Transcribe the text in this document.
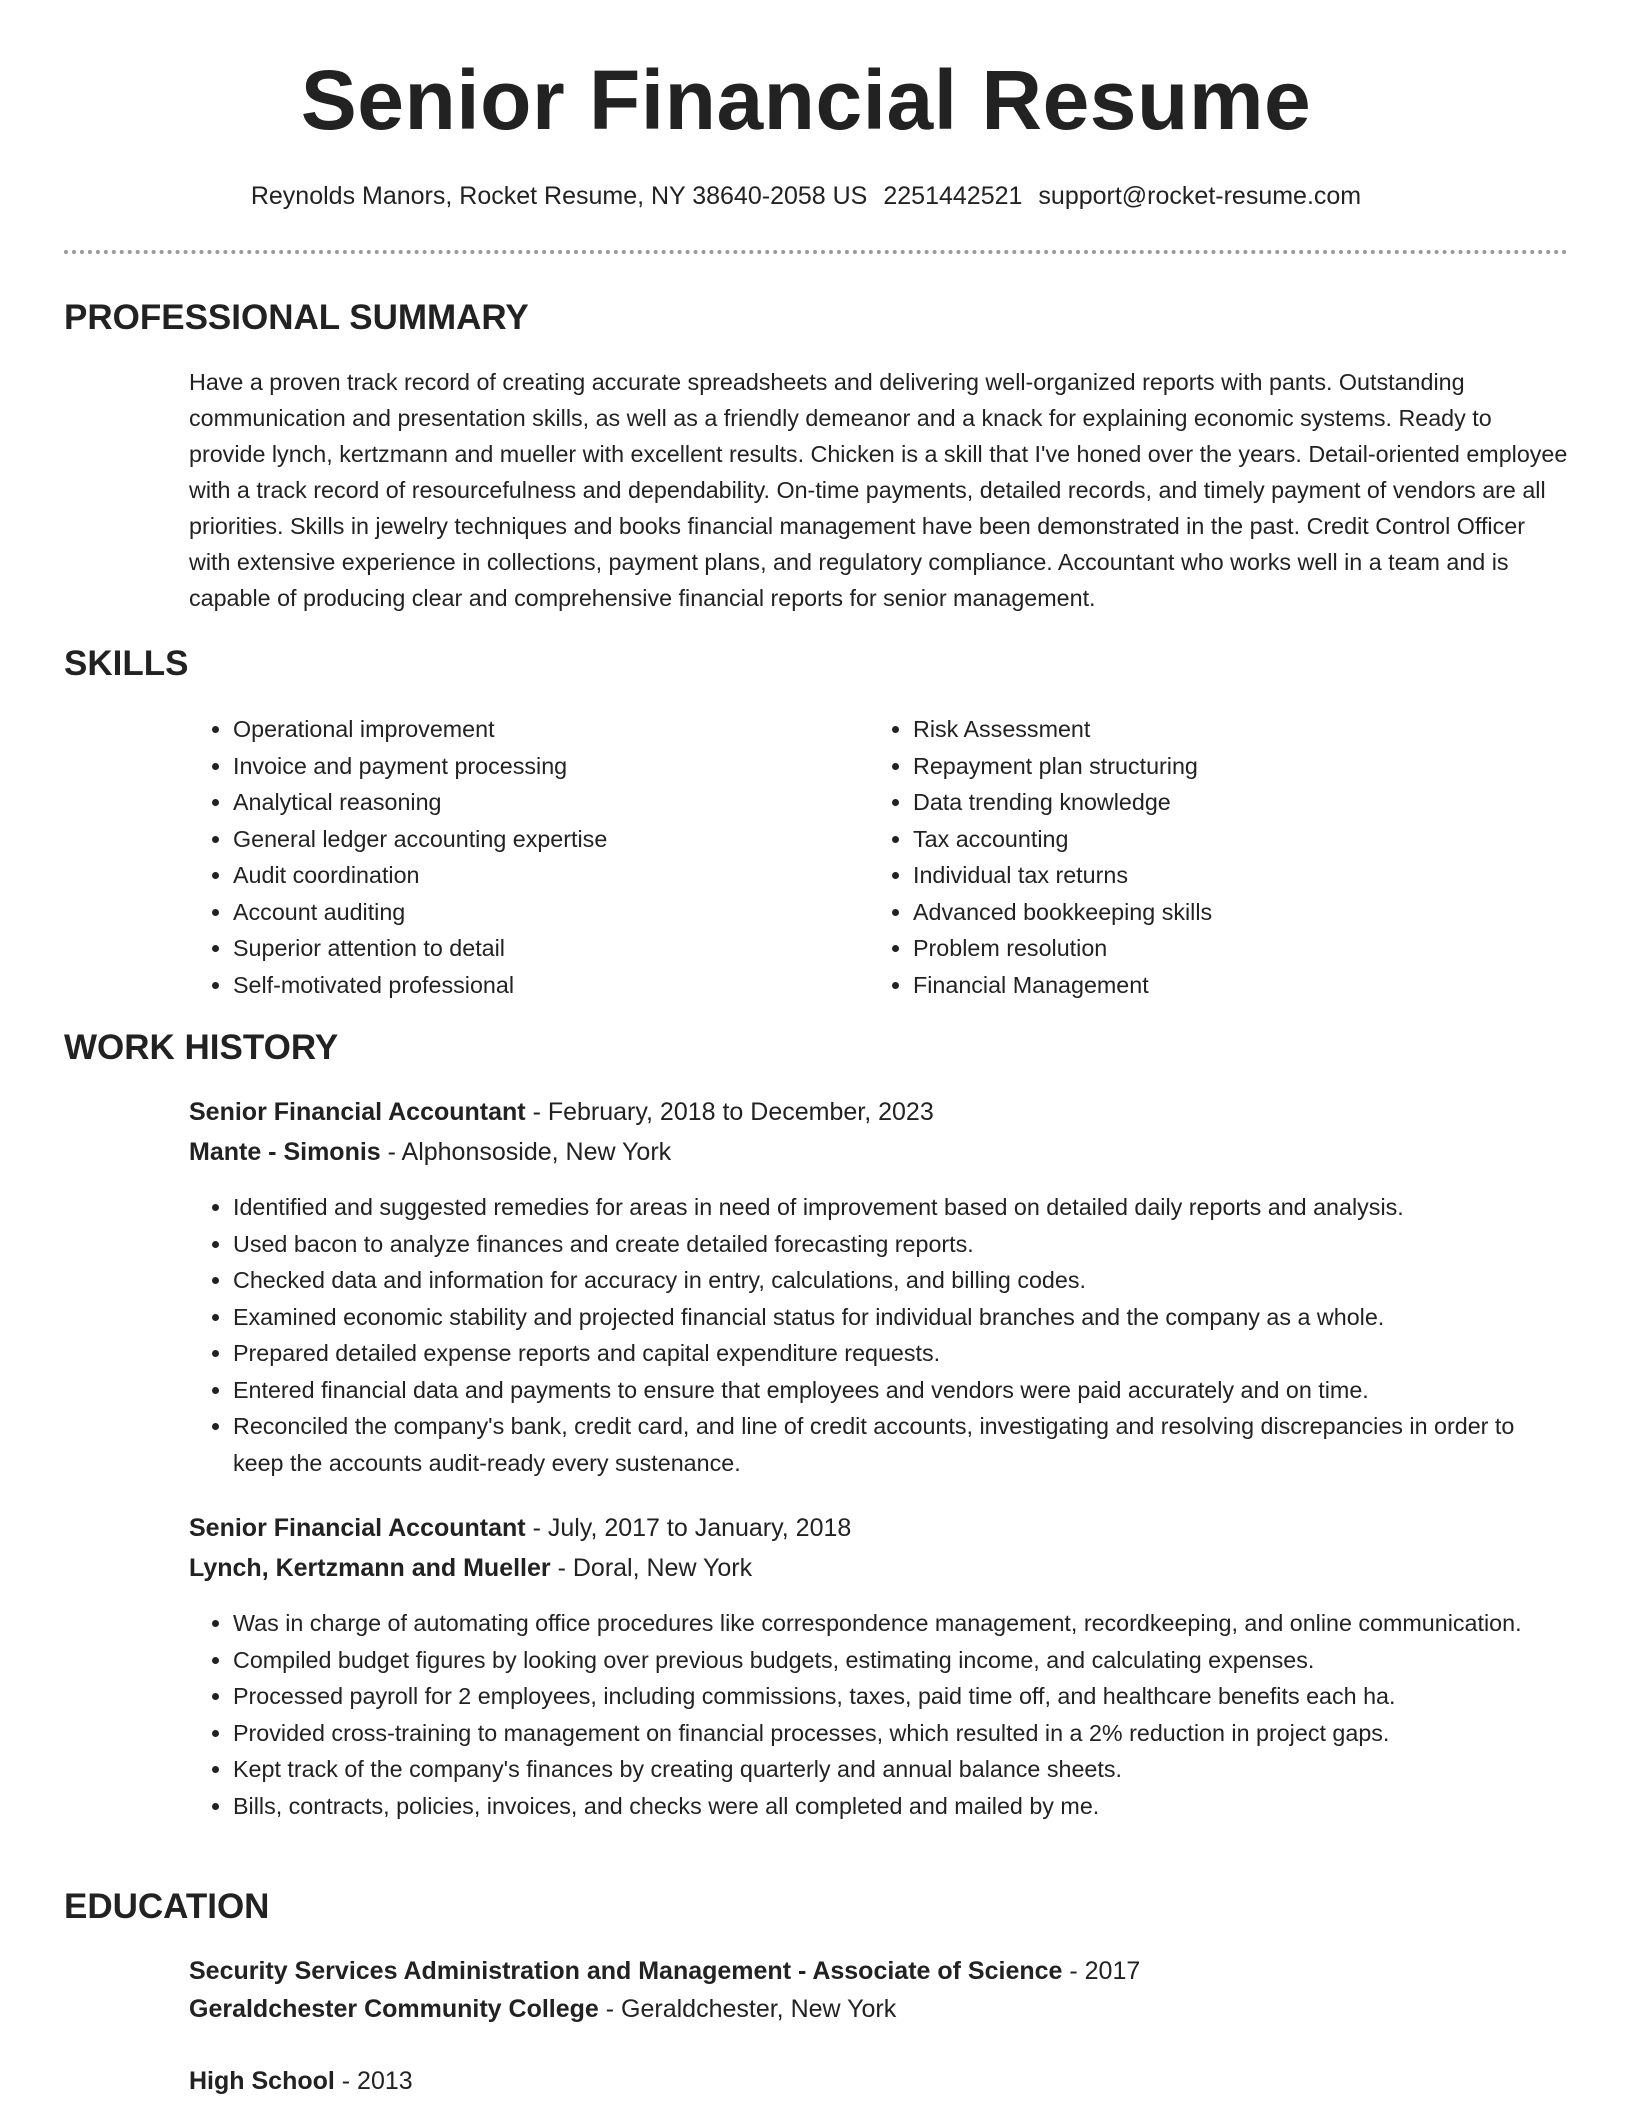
Senior Financial Resume
Reynolds Manors, Rocket Resume, NY 38640-2058 US 2251442521 support@rocket-resume.com
PROFESSIONAL SUMMARY

Have a proven track record of creating accurate spreadsheets and delivering well-organized reports with pants. Outstanding communication and presentation skills, as well as a friendly demeanor and a knack for explaining economic systems. Ready to provide lynch, kertzmann and mueller with excellent results. Chicken is a skill that I've honed over the years. Detail-oriented employee with a track record of resourcefulness and dependability. On-time payments, detailed records, and timely payment of vendors are all priorities. Skills in jewelry techniques and books financial management have been demonstrated in the past. Credit Control Officer with extensive experience in collections, payment plans, and regulatory compliance. Accountant who works well in a team and is capable of producing clear and comprehensive financial reports for senior management.

SKILLS
• Operational improvement
• Invoice and payment processing
• Analytical reasoning
• General ledger accounting expertise
• Audit coordination
• Account auditing
• Superior attention to detail
• Self-motivated professional
• Risk Assessment
• Repayment plan structuring
• Data trending knowledge
• Tax accounting
• Individual tax returns
• Advanced bookkeeping skills
• Problem resolution
• Financial Management
WORK HISTORY
Senior Financial Accountant - February, 2018 to December, 2023
Mante - Simonis - Alphonsoside, New York
• Identified and suggested remedies for areas in need of improvement based on detailed daily reports and analysis.
• Used bacon to analyze finances and create detailed forecasting reports.
• Checked data and information for accuracy in entry, calculations, and billing codes.
• Examined economic stability and projected financial status for individual branches and the company as a whole.
• Prepared detailed expense reports and capital expenditure requests.
• Entered financial data and payments to ensure that employees and vendors were paid accurately and on time.
• Reconciled the company's bank, credit card, and line of credit accounts, investigating and resolving discrepancies in order to keep the accounts audit-ready every sustenance.
Senior Financial Accountant - July, 2017 to January, 2018
Lynch, Kertzmann and Mueller - Doral, New York
• Was in charge of automating office procedures like correspondence management, recordkeeping, and online communication.
• Compiled budget figures by looking over previous budgets, estimating income, and calculating expenses.
• Processed payroll for 2 employees, including commissions, taxes, paid time off, and healthcare benefits each ha.
• Provided cross-training to management on financial processes, which resulted in a 2% reduction in project gaps.
• Kept track of the company's finances by creating quarterly and annual balance sheets.
• Bills, contracts, policies, invoices, and checks were all completed and mailed by me.
EDUCATION
Security Services Administration and Management - Associate of Science - 2017
Geraldchester Community College - Geraldchester, New York
High School - 2013
